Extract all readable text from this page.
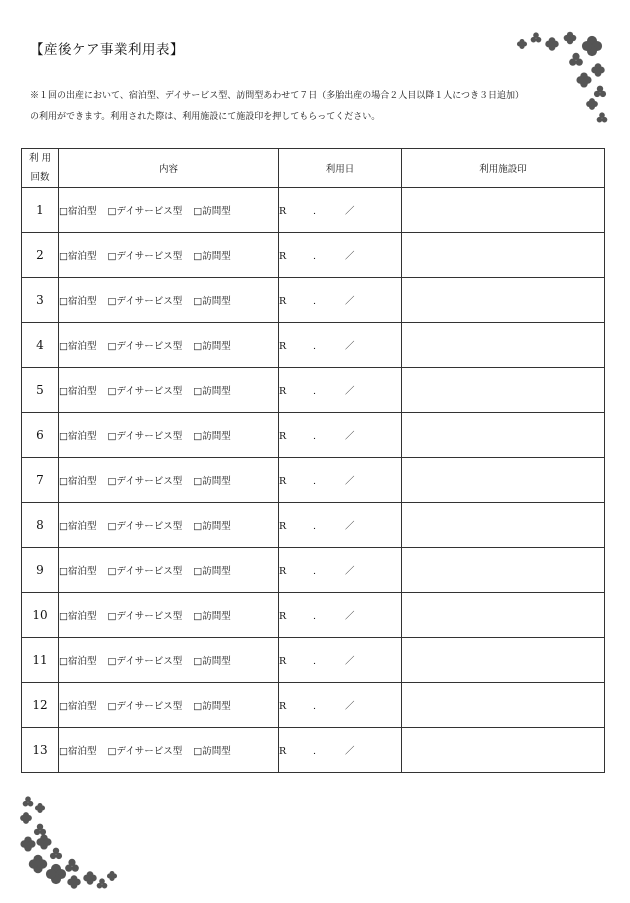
【産後ケア事業利用表】
※１回の出産において、宿泊型、デイサービス型、訪問型あわせて７日（多胎出産の場合２人目以降１人につき３日追加）
の利用ができます。利用された際は、利用施設にて施設印を押してもらってください。
利 用
回数	内容	利用日	利用施設印
1	□宿泊型 □デイサービス型 □訪問型	R . ／	
2	□宿泊型 □デイサービス型 □訪問型	R . ／	
3	□宿泊型 □デイサービス型 □訪問型	R . ／	
4	□宿泊型 □デイサービス型 □訪問型	R . ／	
5	□宿泊型 □デイサービス型 □訪問型	R . ／	
6	□宿泊型 □デイサービス型 □訪問型	R . ／	
7	□宿泊型 □デイサービス型 □訪問型	R . ／	
8	□宿泊型 □デイサービス型 □訪問型	R . ／	
9	□宿泊型 □デイサービス型 □訪問型	R . ／	
10	□宿泊型 □デイサービス型 □訪問型	R . ／	
11	□宿泊型 □デイサービス型 □訪問型	R . ／	
12	□宿泊型 □デイサービス型 □訪問型	R . ／	
13	□宿泊型 □デイサービス型 □訪問型	R . ／	
